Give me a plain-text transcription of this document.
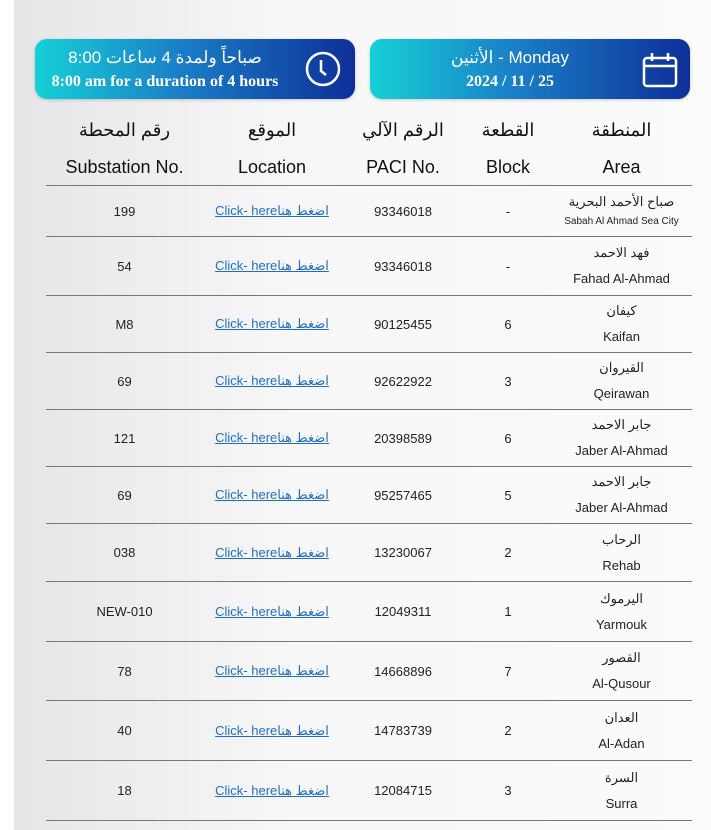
8:00 صباحاً ولمدة 4 ساعات
8:00 am for a duration of 4 hours
الأثنين - Monday
2024 / 11 / 25
رقم المحطة	الموقع	الرقم الآلي	القطعة	المنطقة
Substation No.	Location	PACI No.	Block	Area
199	Click- hereاضغط هنا	93346018	-	صباح الأحمد البحرية
Sabah Al Ahmad Sea City

54	Click- hereاضغط هنا	93346018	-	فهد الاحمد
Fahad Al-Ahmad

M8	Click- hereاضغط هنا	90125455	6	كيفان
Kaifan

69	Click- hereاضغط هنا	92622922	3	القيروان
Qeirawan

121	Click- hereاضغط هنا	20398589	6	جابر الاحمد
Jaber Al-Ahmad

69	Click- hereاضغط هنا	95257465	5	جابر الاحمد
Jaber Al-Ahmad

038	Click- hereاضغط هنا	13230067	2	الرحاب
Rehab

NEW-010	Click- hereاضغط هنا	12049311	1	اليرموك
Yarmouk

78	Click- hereاضغط هنا	14668896	7	القصور
Al-Qusour

40	Click- hereاضغط هنا	14783739	2	العدان
Al-Adan

18	Click- hereاضغط هنا	12084715	3	السرة
Surra
